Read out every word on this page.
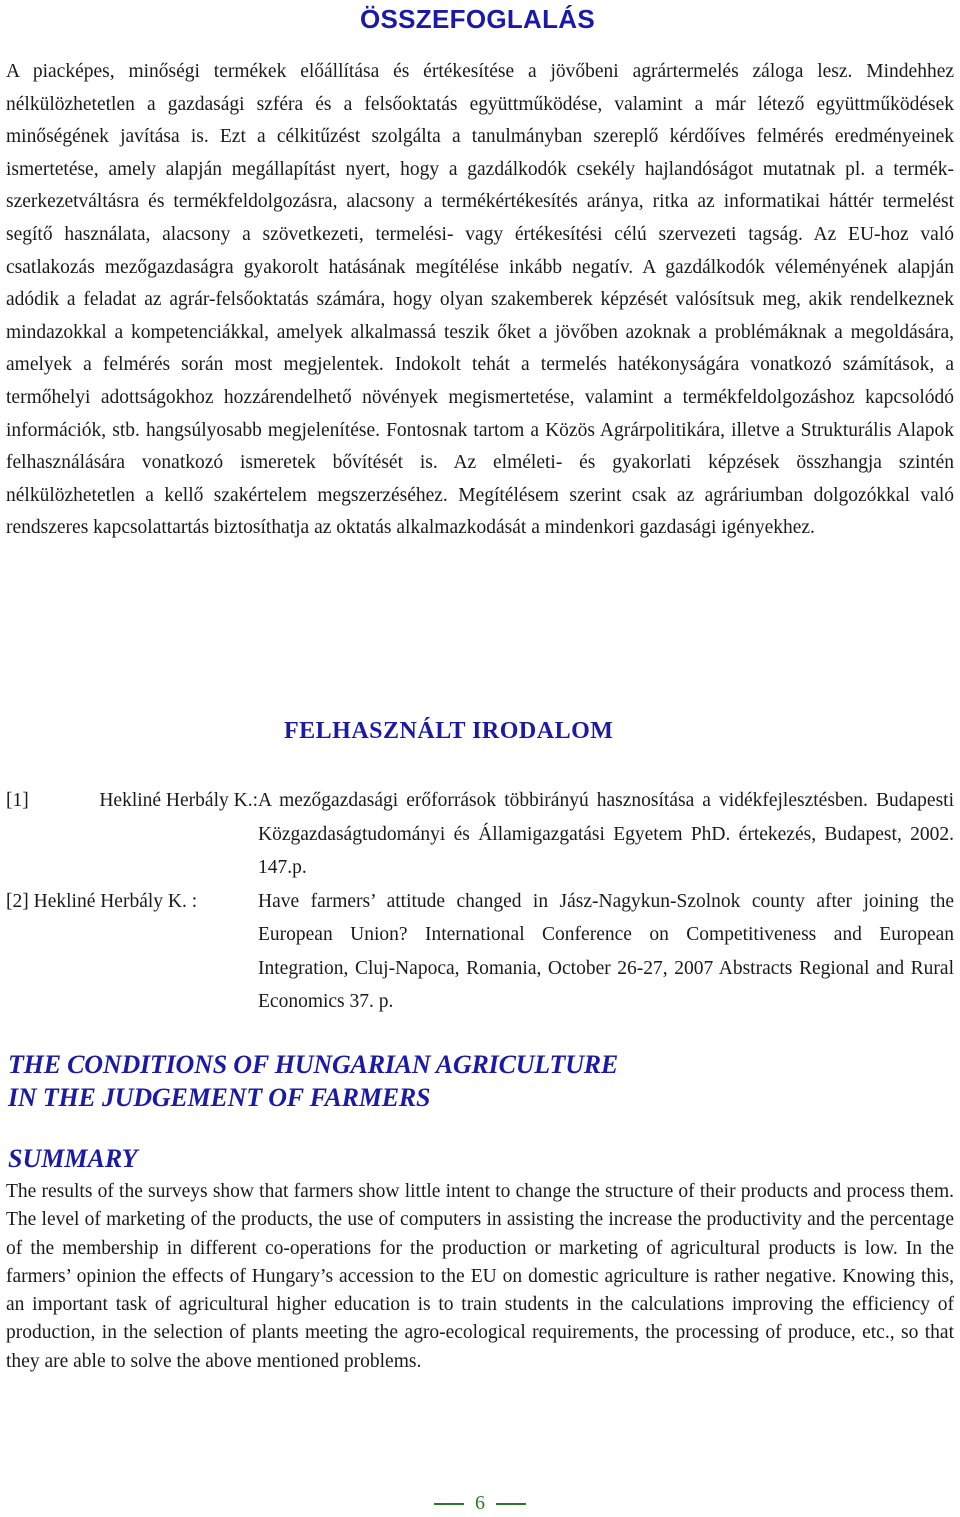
ÖSSZEFOGLALÁS

A piacképes, minőségi termékek előállítása és értékesítése a jövőbeni agrártermelés záloga lesz. Mindehhez nélkülözhetetlen a gazdasági szféra és a felsőoktatás együttműködése, valamint a már létező együttműködések minőségének javítása is. Ezt a célkitűzést szolgálta a tanulmányban szereplő kérdőíves felmérés eredményeinek ismertetése, amely alapján megállapítást nyert, hogy a gazdálkodók csekély hajlandóságot mutatnak pl. a termék-szerkezetváltásra és termékfeldolgozásra, alacsony a termékértékesítés aránya, ritka az informatikai háttér termelést segítő használata, alacsony a szövetkezeti, termelési- vagy értékesítési célú szervezeti tagság. Az EU-hoz való csatlakozás mezőgazdaságra gyakorolt hatásának megítélése inkább negatív. A gazdálkodók véleményének alapján adódik a feladat az agrár-felsőoktatás számára, hogy olyan szakemberek képzését valósítsuk meg, akik rendelkeznek mindazokkal a kompetenciákkal, amelyek alkalmassá teszik őket a jövőben azoknak a problémáknak a megoldására, amelyek a felmérés során most megjelentek. Indokolt tehát a termelés hatékonyságára vonatkozó számítások, a termőhelyi adottságokhoz hozzárendelhető növények megismertetése, valamint a termékfeldolgozáshoz kapcsolódó információk, stb. hangsúlyosabb megjelenítése. Fontosnak tartom a Közös Agrárpolitikára, illetve a Strukturális Alapok felhasználására vonatkozó ismeretek bővítését is. Az elméleti- és gyakorlati képzések összhangja szintén nélkülözhetetlen a kellő szakértelem megszerzéséhez. Megítélésem szerint csak az agráriumban dolgozókkal való rendszeres kapcsolattartás biztosíthatja az oktatás alkalmazkodását a mindenkori gazdasági igényekhez.

FELHASZNÁLT IRODALOM
[1]	Hekliné Herbály K.: A mezőgazdasági erőforrások többirányú hasznosítása a vidékfejlesztésben. Budapesti Közgazdaságtudományi és Államigazgatási Egyetem PhD. értekezés, Budapest, 2002. 147.p.
[2] Hekliné Herbály K. :	Have farmers’ attitude changed in Jász-Nagykun-Szolnok county after joining the European Union? International Conference on Competitiveness and European Integration, Cluj-Napoca, Romania, October 26-27, 2007 Abstracts Regional and Rural Economics 37. p.
THE CONDITIONS OF HUNGARIAN AGRICULTURE
IN THE JUDGEMENT OF FARMERS
SUMMARY

The results of the surveys show that farmers show little intent to change the structure of their products and process them. The level of marketing of the products, the use of computers in assisting the increase the productivity and the percentage of the membership in different co-operations for the production or marketing of agricultural products is low. In the farmers’ opinion the effects of Hungary’s accession to the EU on domestic agriculture is rather negative. Knowing this, an important task of agricultural higher education is to train students in the calculations improving the efficiency of production, in the selection of plants meeting the agro-ecological requirements, the processing of produce, etc., so that they are able to solve the above mentioned problems.

6
